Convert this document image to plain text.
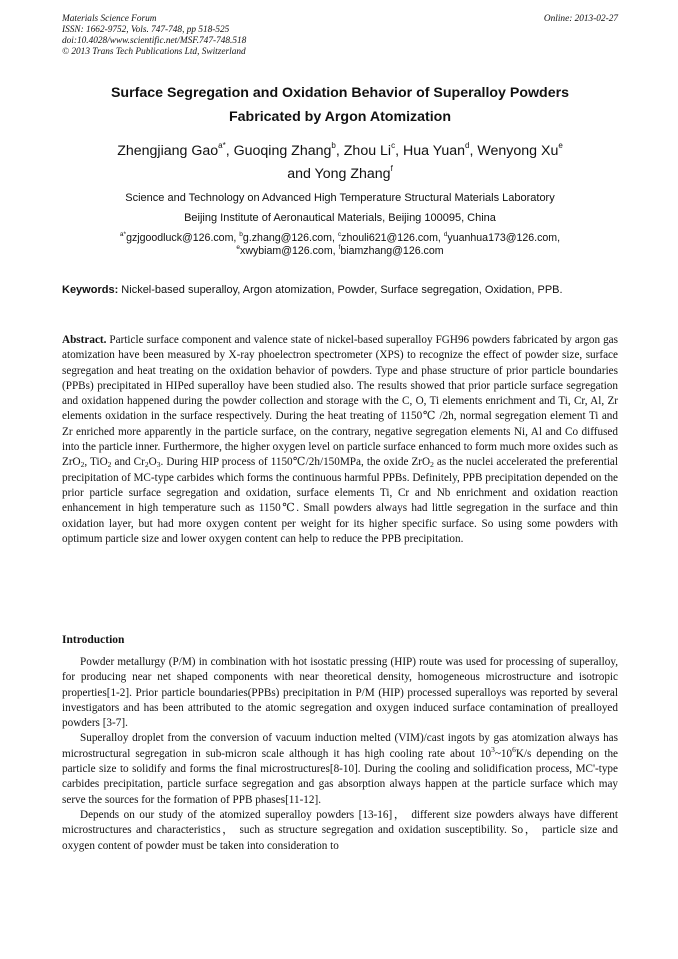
Materials Science Forum
ISSN: 1662-9752, Vols. 747-748, pp 518-525
doi:10.4028/www.scientific.net/MSF.747-748.518
© 2013 Trans Tech Publications Ltd, Switzerland
Online: 2013-02-27
Surface Segregation and Oxidation Behavior of Superalloy Powders
Fabricated by Argon Atomization
Zhengjiang Gao$^{a*}$, Guoqing Zhang$^b$, Zhou Li$^c$, Hua Yuan$^d$, Wenyong Xu$^e$
and Yong Zhang$^f$
Science and Technology on Advanced High Temperature Structural Materials Laboratory
Beijing Institute of Aeronautical Materials, Beijing 100095, China
$^{a*}$gzjgoodluck@126.com, $^b$g.zhang@126.com, $^c$zhouli621@126.com, $^d$yuanhua173@126.com,
$^e$xwybiam@126.com, $^f$biamzhang@126.com
Keywords: Nickel-based superalloy, Argon atomization, Powder, Surface segregation, Oxidation, PPB.

Abstract. Particle surface component and valence state of nickel-based superalloy FGH96 powders fabricated by argon gas atomization have been measured by X-ray phoelectron spectrometer (XPS) to recognize the effect of powder size, surface segregation and heat treating on the oxidation behavior of powders. Type and phase structure of prior particle boundaries (PPBs) precipitated in HIPed superalloy have been studied also. The results showed that prior particle surface segregation and oxidation happened during the powder collection and storage with the C, O, Ti elements enrichment and Ti, Cr, Al, Zr elements oxidation in the surface respectively. During the heat treating of 1150℃ /2h, normal segregation element Ti and Zr enriched more apparently in the particle surface, on the contrary, negative segregation elements Ni, Al and Co diffused into the particle inner. Furthermore, the higher oxygen level on particle surface enhanced to form much more oxides such as ZrO$_2$, TiO$_2$ and $Cr_2O_3$. During HIP process of 1150℃/2h/150MPa, the oxide ZrO$_2$ as the nuclei accelerated the preferential precipitation of MC-type carbides which forms the continuous harmful PPBs. Definitely, PPB precipitation depended on the prior particle surface segregation and oxidation, surface elements Ti, Cr and Nb enrichment and oxidation reaction enhancement in high temperature such as 1150℃. Small powders always had little segregation in the surface and thin oxidation layer, but had more oxygen content per weight for its higher specific surface. So using some powders with optimum particle size and lower oxygen content can help to reduce the PPB precipitation.

Introduction

Powder metallurgy (P/M) in combination with hot isostatic pressing (HIP) route was used for processing of superalloy, for producing near net shaped components with near theoretical density, homogeneous microstructure and isotropic properties[1-2]. Prior particle boundaries(PPBs) precipitation in P/M (HIP) processed superalloys was reported by several investigators and has been attributed to the atomic segregation and oxygen induced surface contamination of prealloyed powders [3-7].

Superalloy droplet from the conversion of vacuum induction melted (VIM)/cast ingots by gas atomization always has microstructural segregation in sub-micron scale although it has high cooling rate about $10^3\sim 10^6K/s$ depending on the particle size to solidify and forms the final microstructures[8-10]. During the cooling and solidification process, MC'-type carbides precipitation, particle surface segregation and gas absorption always happen at the particle surface which may serve the sources for the formation of PPB phases[11-12].

Depends on our study of the atomized superalloy powders [13-16]， different size powders always have different microstructures and characteristics， such as structure segregation and oxidation susceptibility. So， particle size and oxygen content of powder must be taken into consideration to
